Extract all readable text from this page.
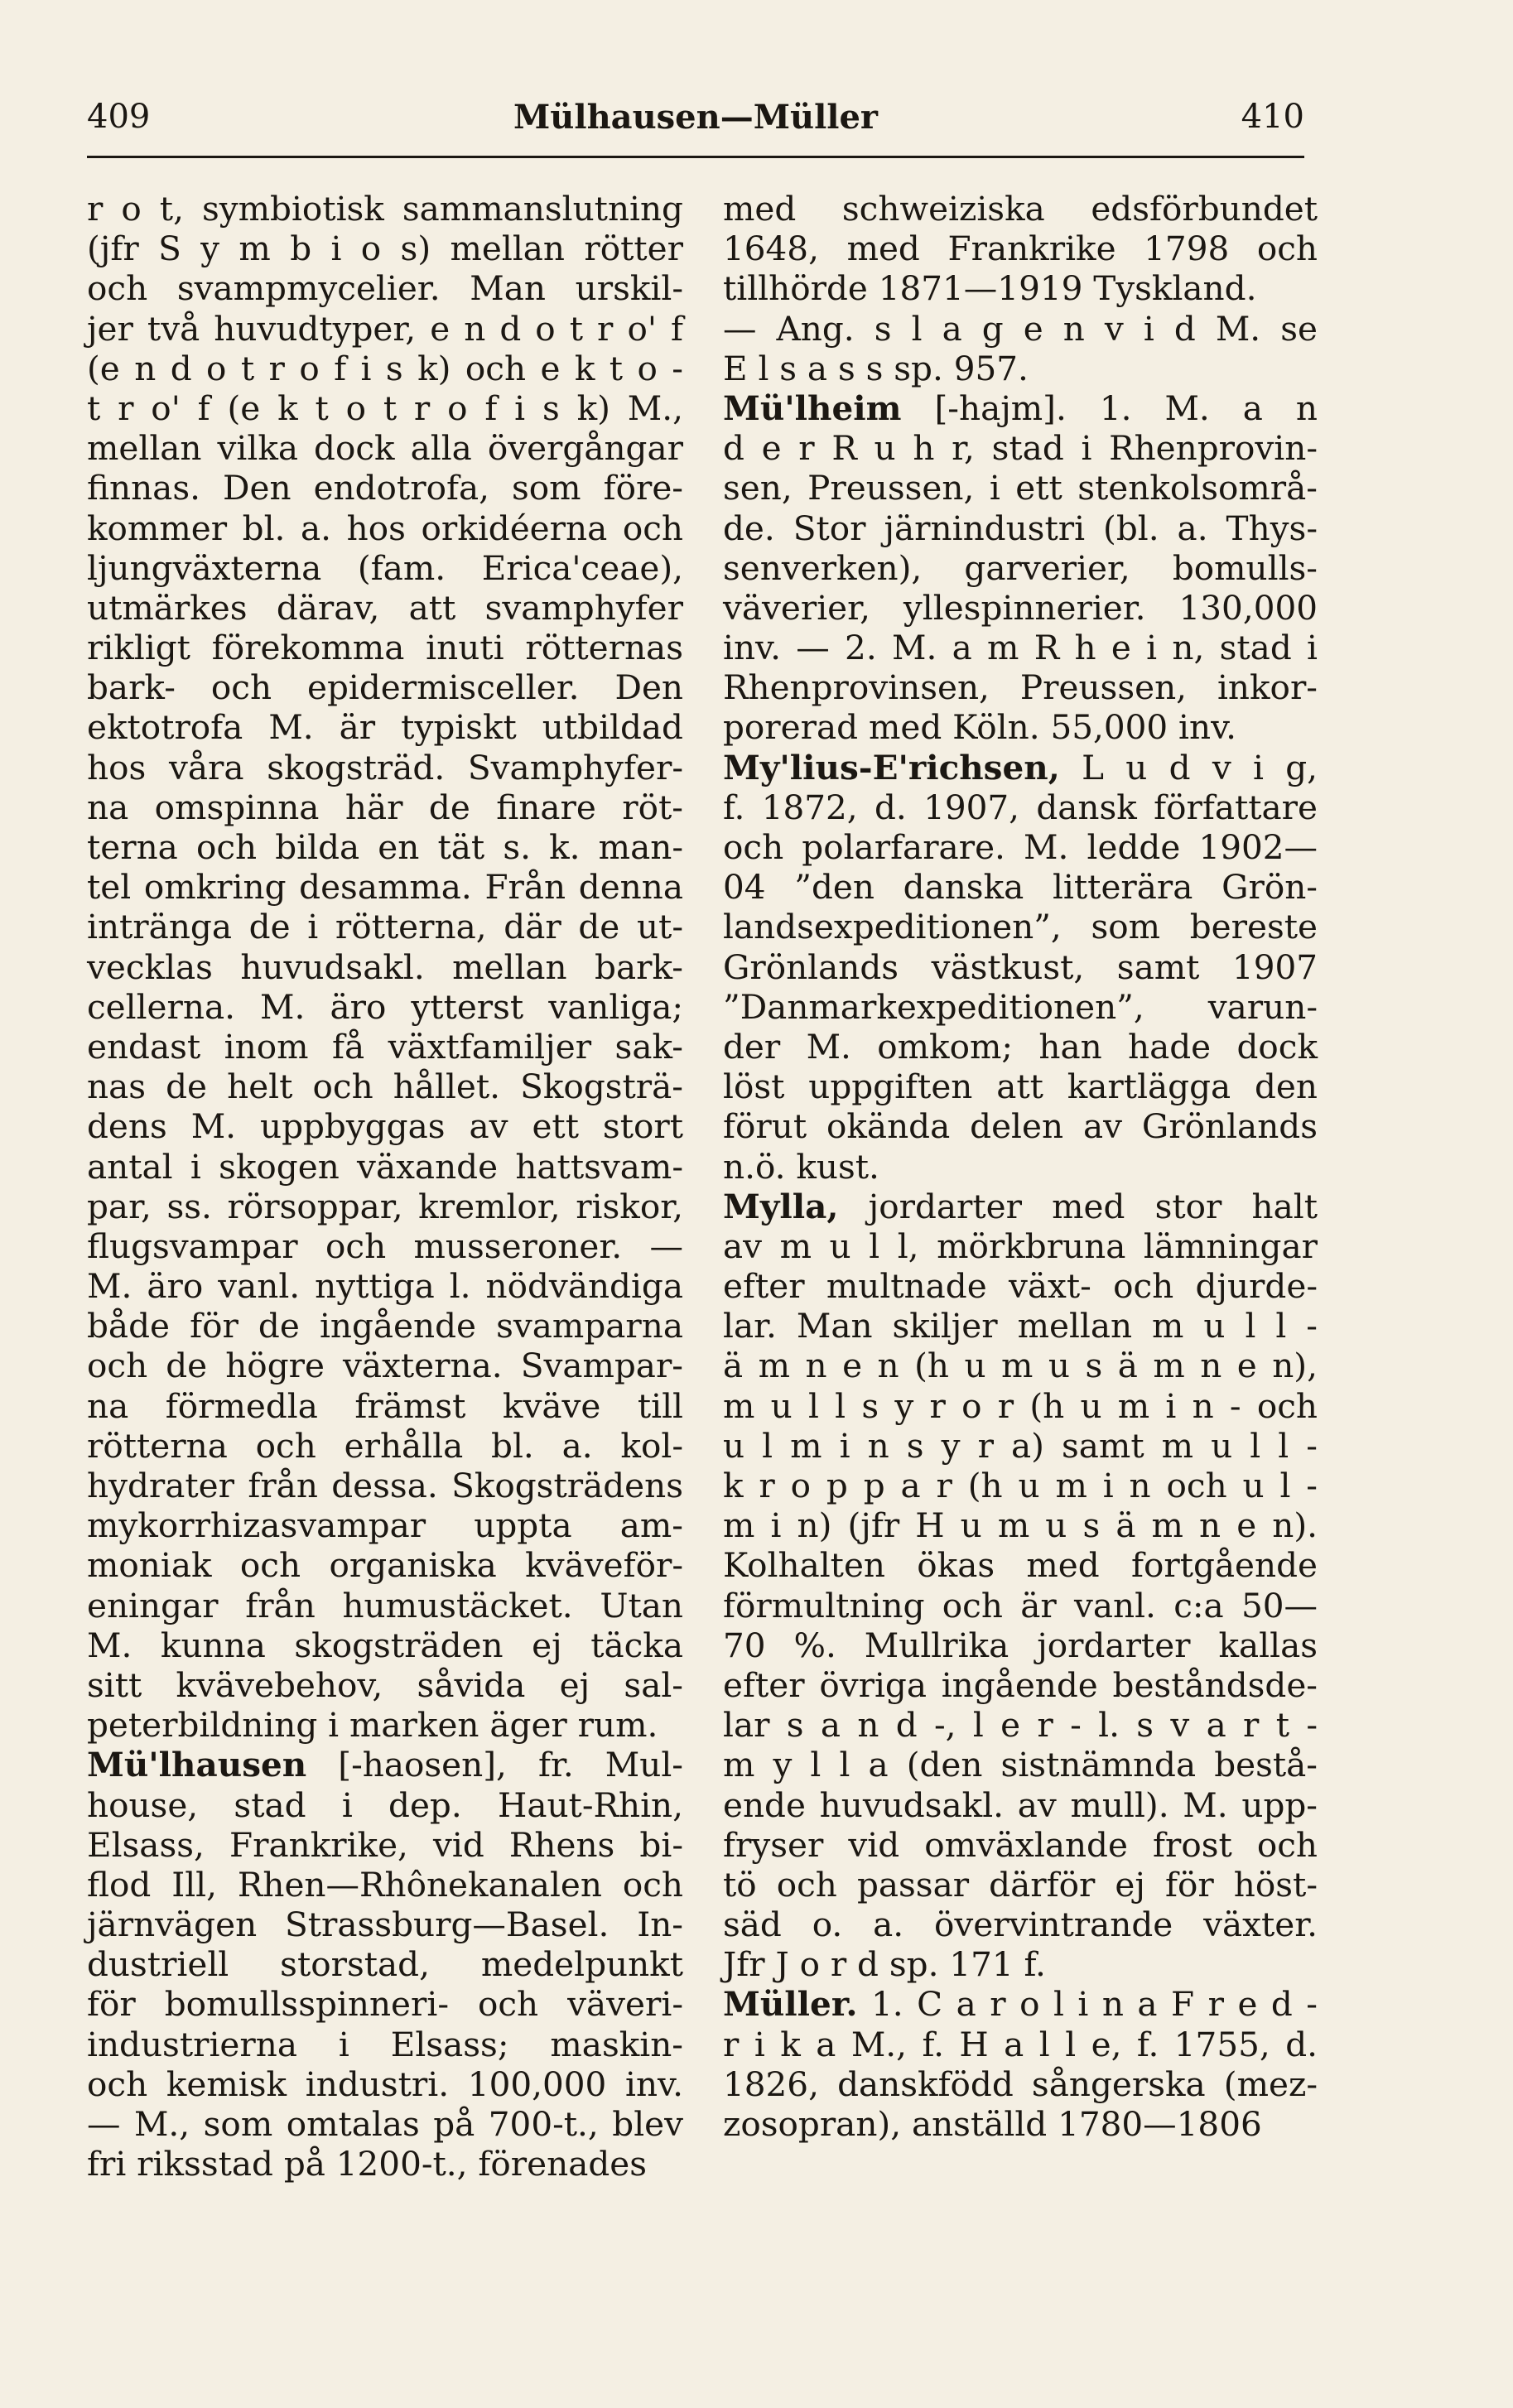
409	Mülhausen—Müller	410
r o t, symbiotisk sammanslutning
(jfr S y m b i o s) mellan rötter
och svampmycelier. Man urskil-
jer två huvudtyper, e n d o t r o' f
(e n d o t r o f i s k) och e k t o -
t r o' f (e k t o t r o f i s k) M.,
mellan vilka dock alla övergångar
finnas. Den endotrofa, som före-
kommer bl. a. hos orkidéerna och
ljungväxterna (fam. Erica'ceae),
utmärkes därav, att svamphyfer
rikligt förekomma inuti rötternas
bark- och epidermisceller. Den
ektotrofa M. är typiskt utbildad
hos våra skogsträd. Svamphyfer-
na omspinna här de finare röt-
terna och bilda en tät s. k. man-
tel omkring desamma. Från denna
intränga de i rötterna, där de ut-
vecklas huvudsakl. mellan bark-
cellerna. M. äro ytterst vanliga;
endast inom få växtfamiljer sak-
nas de helt och hållet. Skogsträ-
dens M. uppbyggas av ett stort
antal i skogen växande hattsvam-
par, ss. rörsoppar, kremlor, riskor,
flugsvampar och musseroner. —
M. äro vanl. nyttiga l. nödvändiga
både för de ingående svamparna
och de högre växterna. Svampar-
na förmedla främst kväve till
rötterna och erhålla bl. a. kol-
hydrater från dessa. Skogsträdens
mykorrhizasvampar uppta am-
moniak och organiska kväveför-
eningar från humustäcket. Utan
M. kunna skogsträden ej täcka
sitt kvävebehov, såvida ej sal-
peterbildning i marken äger rum.
Mü'lhausen [-haosen], fr. Mul-
house, stad i dep. Haut-Rhin,
Elsass, Frankrike, vid Rhens bi-
flod Ill, Rhen—Rhônekanalen och
järnvägen Strassburg—Basel. In-
dustriell storstad, medelpunkt
för bomullsspinneri- och väveri-
industrierna i Elsass; maskin-
och kemisk industri. 100,000 inv.
— M., som omtalas på 700-t., blev
fri riksstad på 1200-t., förenades
med schweiziska edsförbundet
1648, med Frankrike 1798 och
tillhörde 1871—1919 Tyskland.
— Ang. s l a g e n v i d M. se
E l s a s s sp. 957.
Mü'lheim [-hajm]. 1. M. a n
d e r R u h r, stad i Rhenprovin-
sen, Preussen, i ett stenkolsområ-
de. Stor järnindustri (bl. a. Thys-
senverken), garverier, bomulls-
väverier, yllespinnerier. 130,000
inv. — 2. M. a m R h e i n, stad i
Rhenprovinsen, Preussen, inkor-
porerad med Köln. 55,000 inv.
My'lius-E'richsen, L u d v i g,
f. 1872, d. 1907, dansk författare
och polarfarare. M. ledde 1902—
04 ”den danska litterära Grön-
landsexpeditionen”, som bereste
Grönlands västkust, samt 1907
”Danmarkexpeditionen”, varun-
der M. omkom; han hade dock
löst uppgiften att kartlägga den
förut okända delen av Grönlands
n.ö. kust.
Mylla, jordarter med stor halt
av m u l l, mörkbruna lämningar
efter multnade växt- och djurde-
lar. Man skiljer mellan m u l l -
ä m n e n (h u m u s ä m n e n),
m u l l s y r o r (h u m i n - och
u l m i n s y r a) samt m u l l -
k r o p p a r (h u m i n och u l -
m i n) (jfr H u m u s ä m n e n).
Kolhalten ökas med fortgående
förmultning och är vanl. c:a 50—
70 %. Mullrika jordarter kallas
efter övriga ingående beståndsde-
lar s a n d -, l e r - l. s v a r t -
m y l l a (den sistnämnda bestå-
ende huvudsakl. av mull). M. upp-
fryser vid omväxlande frost och
tö och passar därför ej för höst-
säd o. a. övervintrande växter.
Jfr J o r d sp. 171 f.
Müller. 1. C a r o l i n a F r e d -
r i k a M., f. H a l l e, f. 1755, d.
1826, danskfödd sångerska (mez-
zosopran), anställd 1780—1806
